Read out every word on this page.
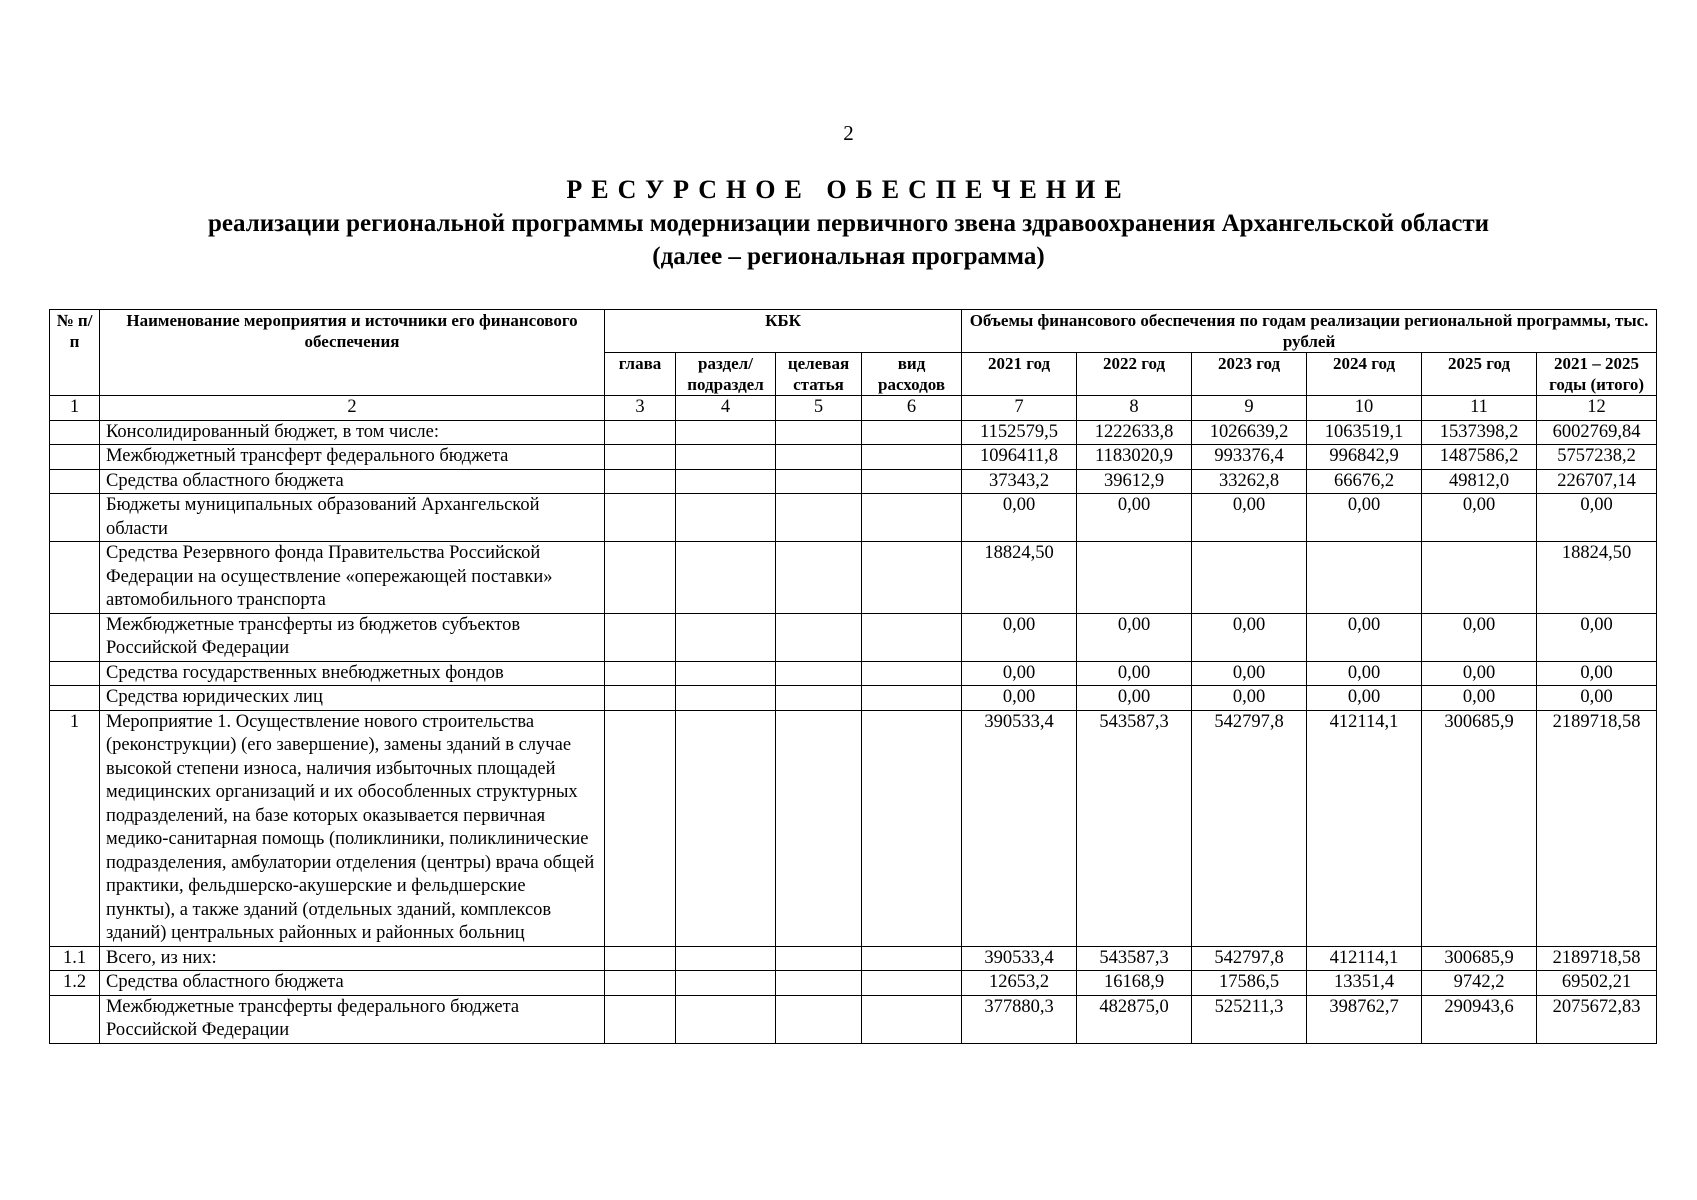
2
РЕСУРСНОЕ ОБЕСПЕЧЕНИЕ
реализации региональной программы модернизации первичного звена здравоохранения Архангельской области
(далее – региональная программа)
№ п/п	Наименование мероприятия и источники его финансового обеспечения	КБК				Объемы финансового обеспечения по годам реализации региональной программы, тыс. рублей					
		глава	раздел/ подраздел	целевая статья	вид расходов	2021 год	2022 год	2023 год	2024 год	2025 год	2021 – 2025 годы (итого)
1	2	3	4	5	6	7	8	9	10	11	12
	Консолидированный бюджет, в том числе:					1152579,5	1222633,8	1026639,2	1063519,1	1537398,2	6002769,84
	Межбюджетный трансферт федерального бюджета					1096411,8	1183020,9	993376,4	996842,9	1487586,2	5757238,2
	Средства областного бюджета					37343,2	39612,9	33262,8	66676,2	49812,0	226707,14
	Бюджеты муниципальных образований Архангельской области					0,00	0,00	0,00	0,00	0,00	0,00
	Средства Резервного фонда Правительства Российской Федерации на осуществление «опережающей поставки» автомобильного транспорта					18824,50					18824,50
	Межбюджетные трансферты из бюджетов субъектов Российской Федерации					0,00	0,00	0,00	0,00	0,00	0,00
	Средства государственных внебюджетных фондов					0,00	0,00	0,00	0,00	0,00	0,00
	Средства юридических лиц					0,00	0,00	0,00	0,00	0,00	0,00
1	Мероприятие 1. Осуществление нового строительства (реконструкции) (его завершение), замены зданий в случае высокой степени износа, наличия избыточных площадей медицинских организаций и их обособленных структурных подразделений, на базе которых оказывается первичная медико-санитарная помощь (поликлиники, поликлинические подразделения, амбулатории отделения (центры) врача общей практики, фельдшерско-акушерские и фельдшерские пункты), а также зданий (отдельных зданий, комплексов зданий) центральных районных и районных больниц					390533,4	543587,3	542797,8	412114,1	300685,9	2189718,58
1.1	Всего, из них:					390533,4	543587,3	542797,8	412114,1	300685,9	2189718,58
1.2	Средства областного бюджета					12653,2	16168,9	17586,5	13351,4	9742,2	69502,21
	Межбюджетные трансферты федерального бюджета Российской Федерации					377880,3	482875,0	525211,3	398762,7	290943,6	2075672,83
